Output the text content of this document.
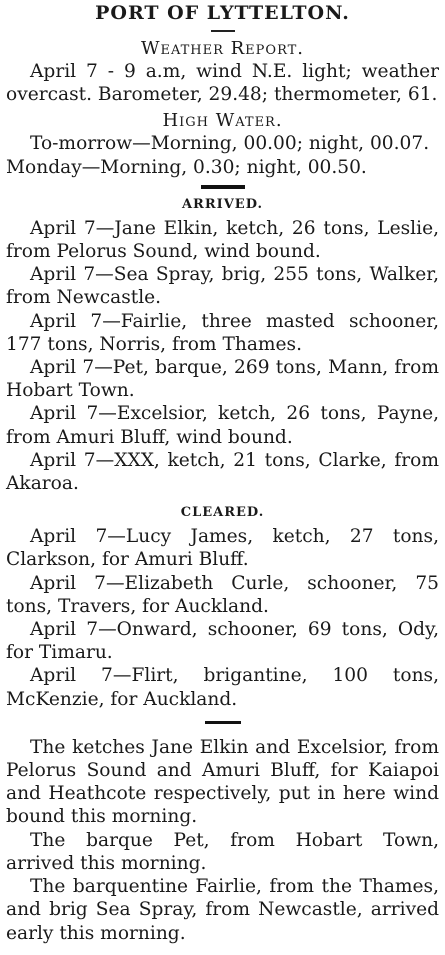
PORT OF LYTTELTON.

Weather Report.

April 7 - 9 a.m, wind N.E. light; weather overcast. Barometer, 29.48; thermometer, 61.

High Water.

To-morrow—Morning, 00.00; night, 00.07.

Monday—Morning, 0.30; night, 00.50.

ARRIVED.

April 7—Jane Elkin, ketch, 26 tons, Leslie, from Pelorus Sound, wind bound.

April 7—Sea Spray, brig, 255 tons, Walker, from Newcastle.

April 7—Fairlie, three masted schooner, 177 tons, Norris, from Thames.

April 7—Pet, barque, 269 tons, Mann, from Hobart Town.

April 7—Excelsior, ketch, 26 tons, Payne, from Amuri Bluff, wind bound.

April 7—XXX, ketch, 21 tons, Clarke, from Akaroa.

CLEARED.

April 7—Lucy James, ketch, 27 tons, Clarkson, for Amuri Bluff.

April 7—Elizabeth Curle, schooner, 75 tons, Travers, for Auckland.

April 7—Onward, schooner, 69 tons, Ody, for Timaru.

April 7—Flirt, brigantine, 100 tons, McKenzie, for Auckland.

The ketches Jane Elkin and Excelsior, from Pelorus Sound and Amuri Bluff, for Kaiapoi and Heathcote respectively, put in here wind bound this morning.

The barque Pet, from Hobart Town, arrived this morning.

The barquentine Fairlie, from the Thames, and brig Sea Spray, from Newcastle, arrived early this morning.
